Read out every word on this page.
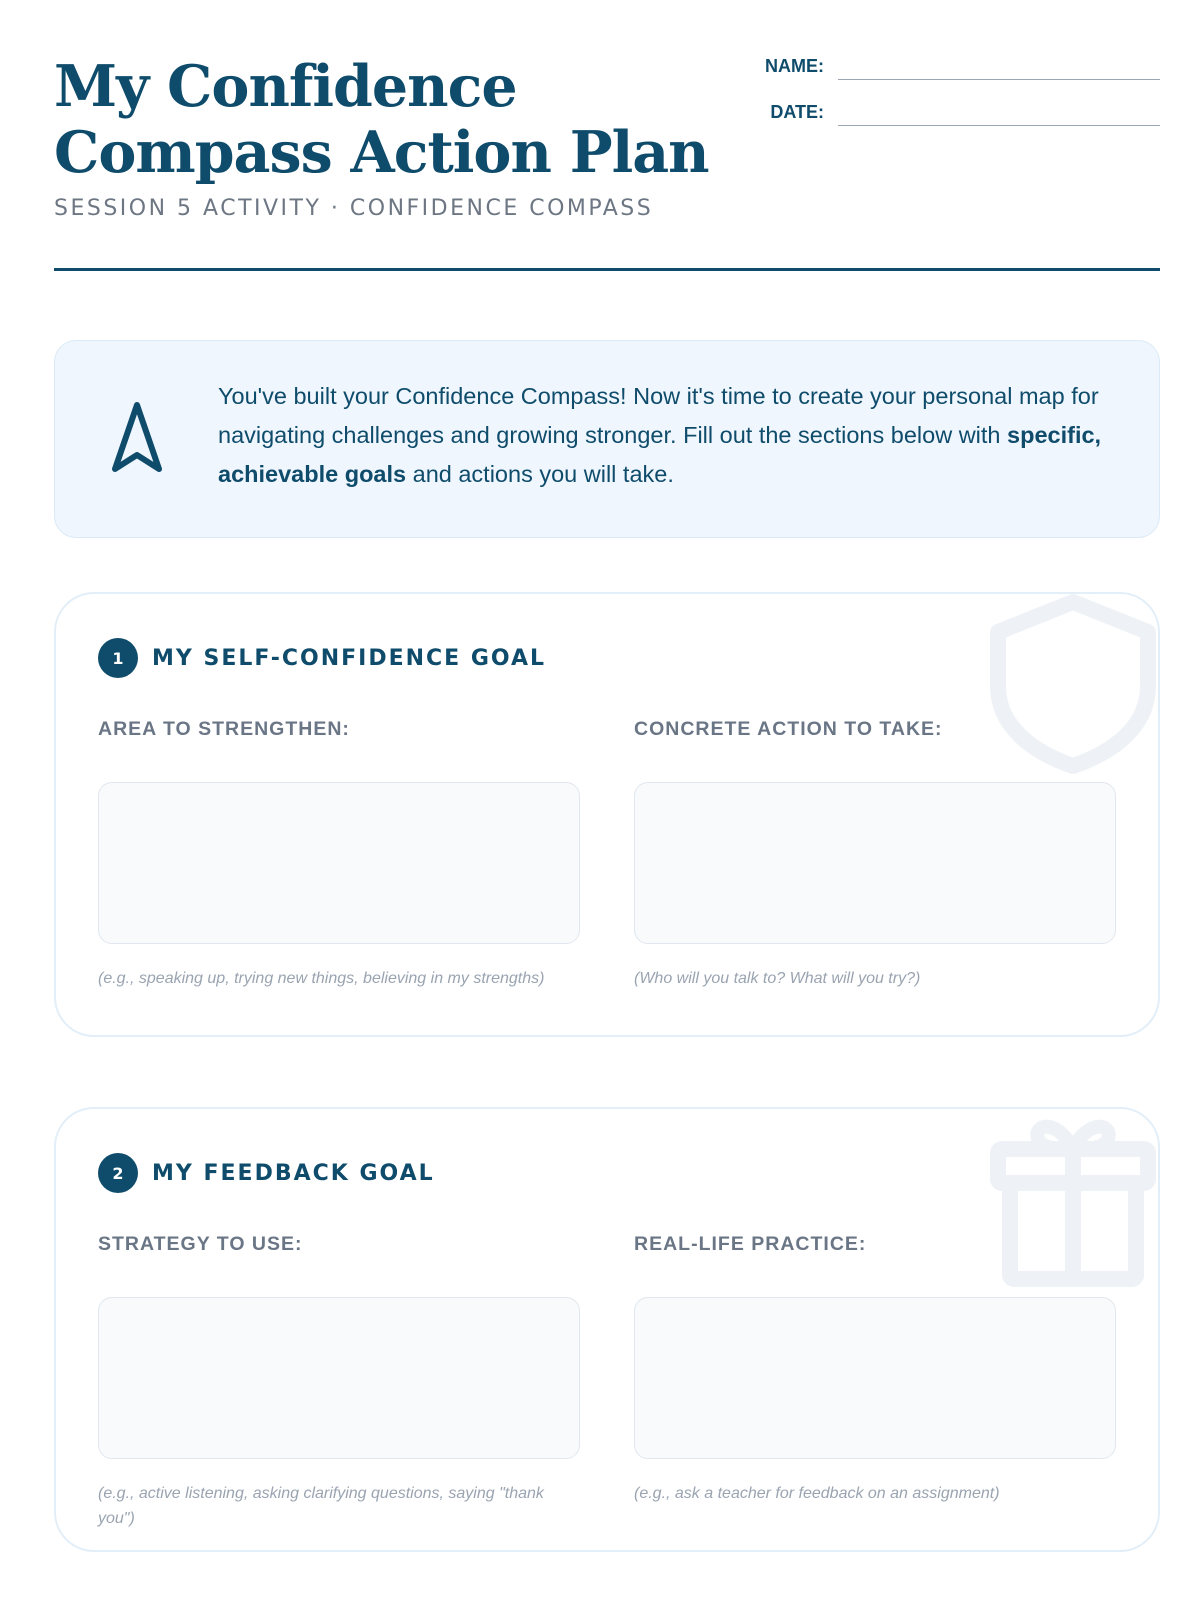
My Confidence Compass Action Plan
SESSION 5 ACTIVITY · CONFIDENCE COMPASS
NAME:
DATE:

You've built your Confidence Compass! Now it's time to create your personal map for navigating challenges and growing stronger. Fill out the sections below with specific, achievable goals and actions you will take.

1	MY SELF-CONFIDENCE GOAL
AREA TO STRENGTHEN:
(e.g., speaking up, trying new things, believing in my strengths)
CONCRETE ACTION TO TAKE:
(Who will you talk to? What will you try?)
2	MY FEEDBACK GOAL
STRATEGY TO USE:
(e.g., active listening, asking clarifying questions, saying "thank you")
REAL-LIFE PRACTICE:
(e.g., ask a teacher for feedback on an assignment)
